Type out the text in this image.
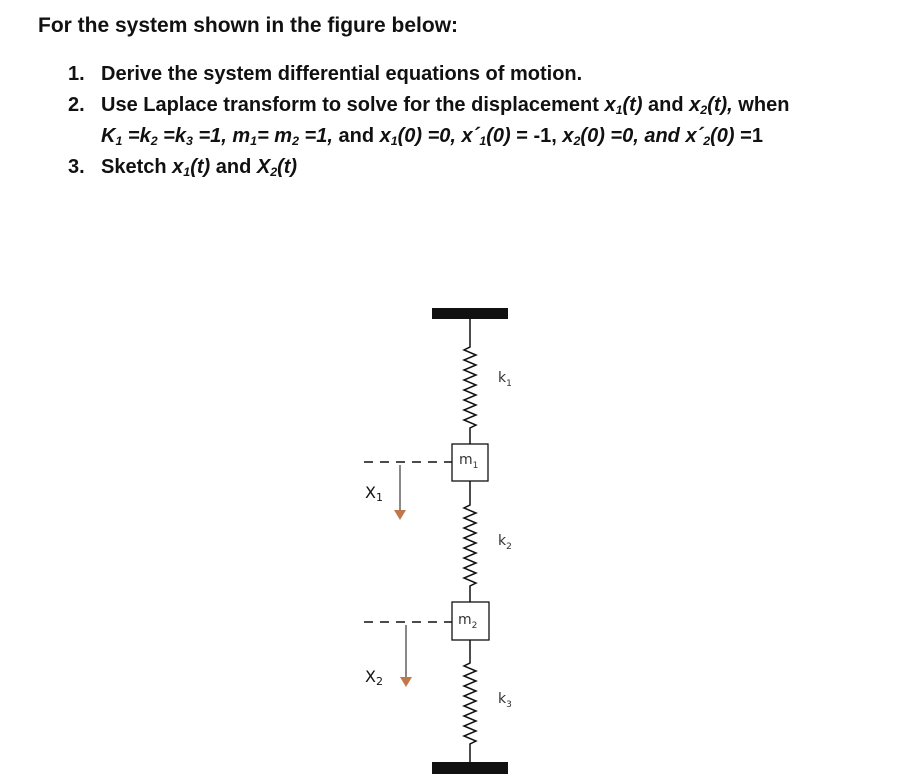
For the system shown in the figure below:
1. Derive the system differential equations of motion.
2. Use Laplace transform to solve for the displacement $x_1(t)$ and $x_2(t)$, when
$K_1 =k_2 =k_3 =1$, $m_1= m_2 =1$, and $x_1(0) =0$, $x´_1(0) = -1$, $x_2(0) =0$, and $x´_2(0) =1$
3. Sketch $x_1(t)$ and $X_2(t)$
$k_1$
$k_2$
$k_3$
$m_1$
$m_2$
X1
X2
